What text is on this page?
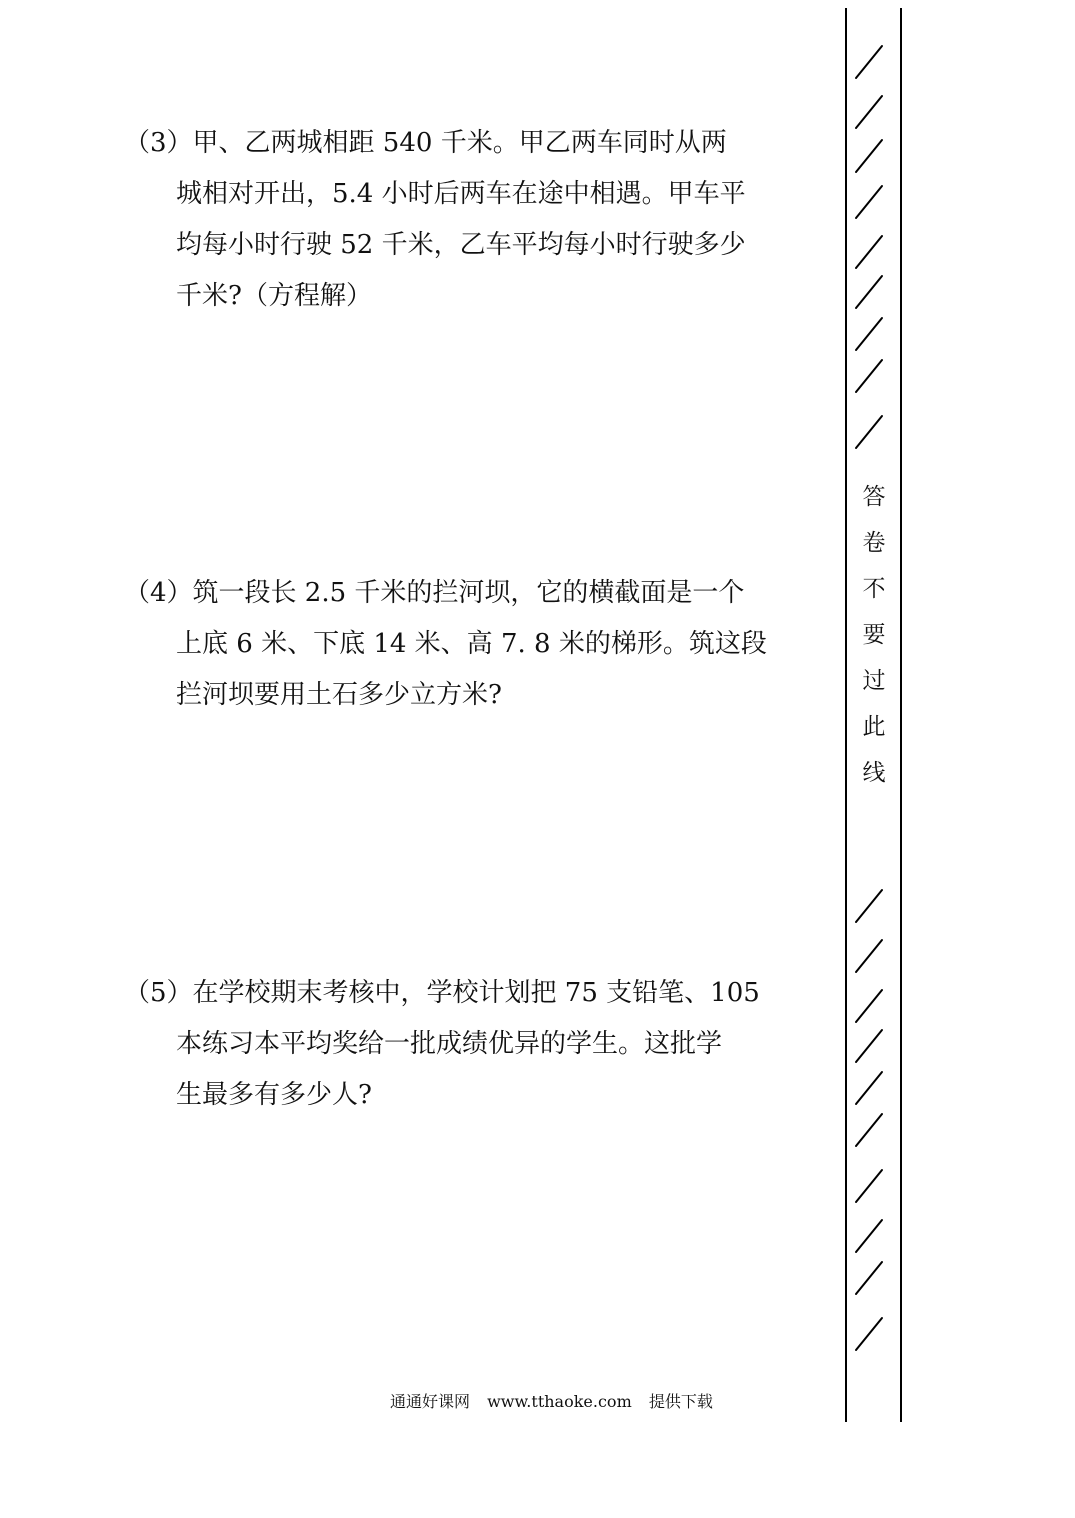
（3）甲、乙两城相距 540 千米。甲乙两车同时从两
城相对开出，5.4 小时后两车在途中相遇。甲车平
均每小时行驶 52 千米，乙车平均每小时行驶多少
千米?（方程解）
（4）筑一段长 2.5 千米的拦河坝，它的横截面是一个
上底 6 米、下底 14 米、高 7. 8 米的梯形。筑这段
拦河坝要用土石多少立方米?
（5）在学校期末考核中，学校计划把 75 支铅笔、105
本练习本平均奖给一批成绩优异的学生。这批学
生最多有多少人?
答
卷
不
要
过
此
线
通通好课网 www.tthaoke.com 提供下载
